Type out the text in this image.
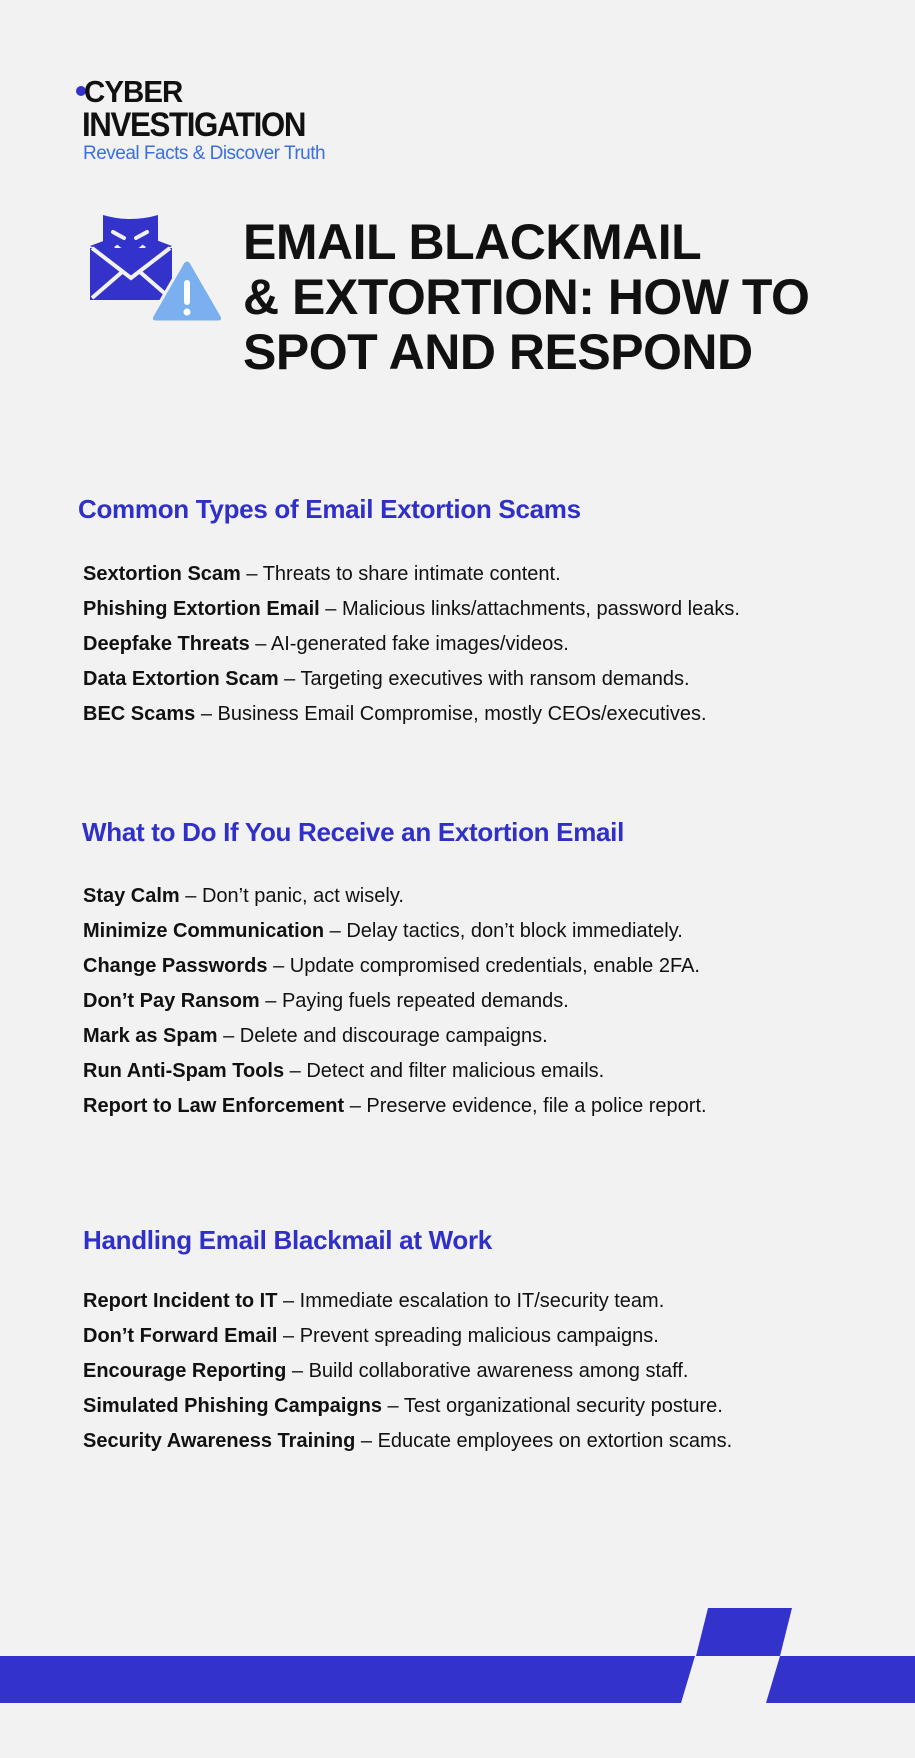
CYBER
INVESTIGATION
Reveal Facts & Discover Truth
EMAIL BLACKMAIL
& EXTORTION: HOW TO
SPOT AND RESPOND
Common Types of Email Extortion Scams
Sextortion Scam – Threats to share intimate content.
Phishing Extortion Email – Malicious links/attachments, password leaks.
Deepfake Threats – AI-generated fake images/videos.
Data Extortion Scam – Targeting executives with ransom demands.
BEC Scams – Business Email Compromise, mostly CEOs/executives.
What to Do If You Receive an Extortion Email
Stay Calm – Don’t panic, act wisely.
Minimize Communication – Delay tactics, don’t block immediately.
Change Passwords – Update compromised credentials, enable 2FA.
Don’t Pay Ransom – Paying fuels repeated demands.
Mark as Spam – Delete and discourage campaigns.
Run Anti-Spam Tools – Detect and filter malicious emails.
Report to Law Enforcement – Preserve evidence, file a police report.
Handling Email Blackmail at Work
Report Incident to IT – Immediate escalation to IT/security team.
Don’t Forward Email – Prevent spreading malicious campaigns.
Encourage Reporting – Build collaborative awareness among staff.
Simulated Phishing Campaigns – Test organizational security posture.
Security Awareness Training – Educate employees on extortion scams.
